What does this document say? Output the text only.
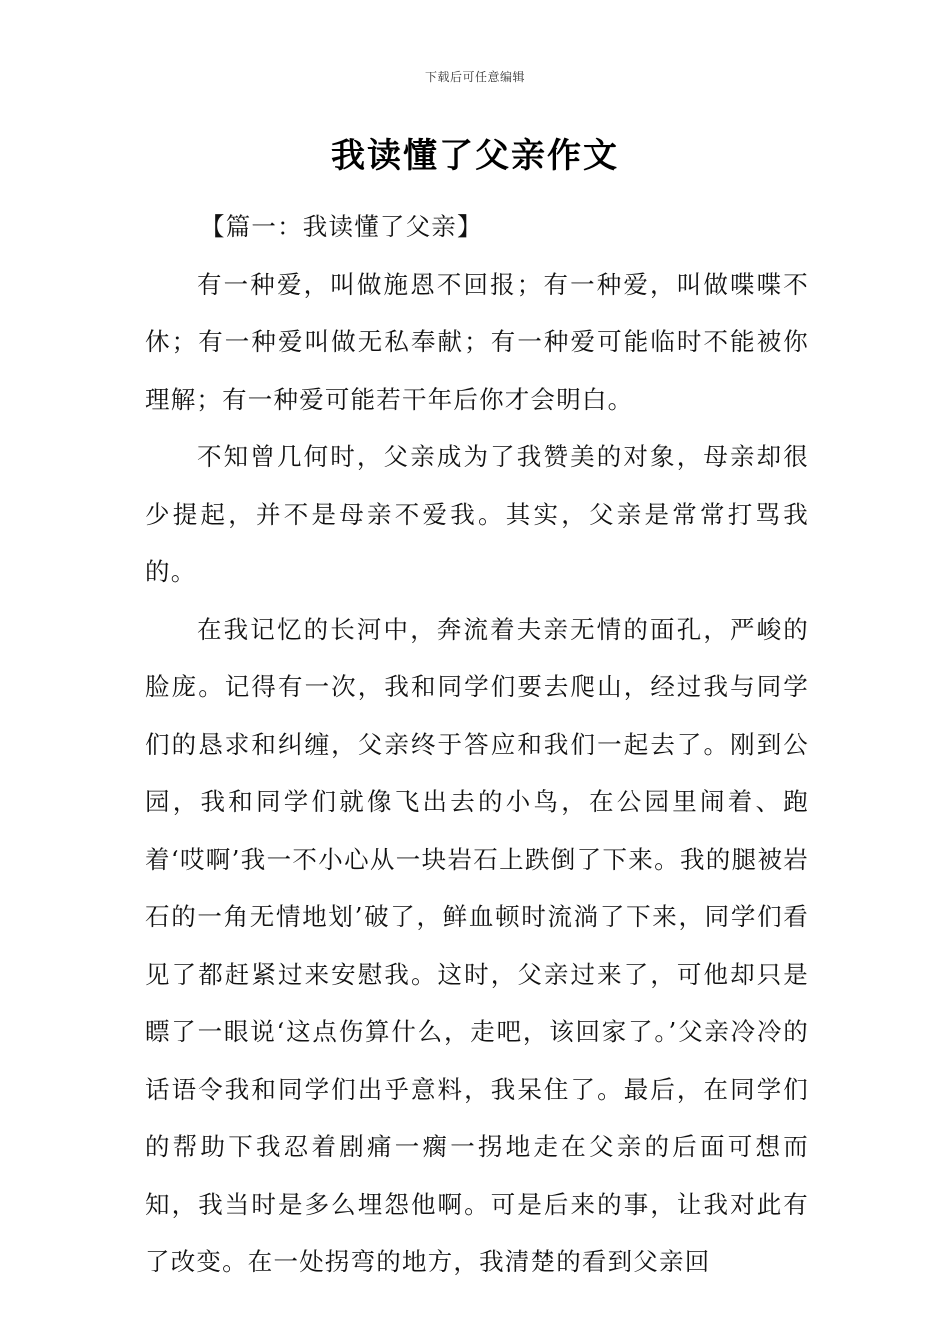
下载后可任意编辑
我读懂了父亲作文

【篇一：我读懂了父亲】

有一种爱，叫做施恩不回报；有一种爱，叫做喋喋不休；有一种爱叫做无私奉献；有一种爱可能临时不能被你理解；有一种爱可能若干年后你才会明白。

不知曾几何时，父亲成为了我赞美的对象，母亲却很少提起，并不是母亲不爱我。其实，父亲是常常打骂我的。

在我记忆的长河中，奔流着夫亲无情的面孔，严峻的脸庞。记得有一次，我和同学们要去爬山，经过我与同学们的恳求和纠缠，父亲终于答应和我们一起去了。刚到公园，我和同学们就像飞出去的小鸟，在公园里闹着、跑着‘哎啊’我一不小心从一块岩石上跌倒了下来。我的腿被岩石的一角无情地划’破了，鲜血顿时流淌了下来，同学们看见了都赶紧过来安慰我。这时，父亲过来了，可他却只是瞟了一眼说‘这点伤算什么，走吧，该回家了。’父亲冷冷的话语令我和同学们出乎意料，我呆住了。最后，在同学们的帮助下我忍着剧痛一瘸一拐地走在父亲的后面可想而知，我当时是多么埋怨他啊。可是后来的事，让我对此有了改变。在一处拐弯的地方，我清楚的看到父亲回
